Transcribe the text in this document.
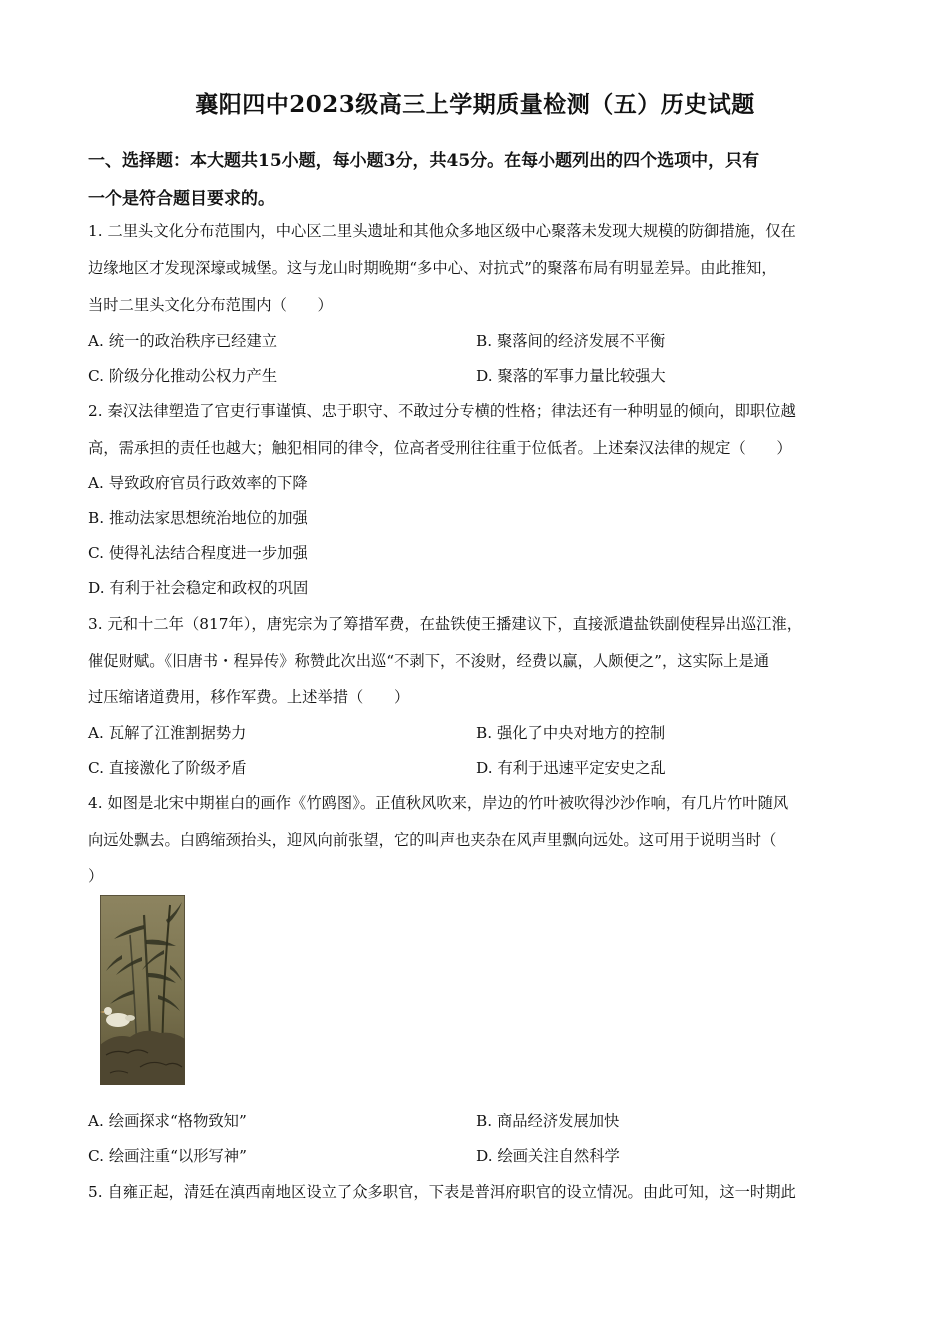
襄阳四中2023级高三上学期质量检测（五）历史试题
一、选择题：本大题共15小题，每小题3分，共45分。在每小题列出的四个选项中，只有
一个是符合题目要求的。
1. 二里头文化分布范围内，中心区二里头遗址和其他众多地区级中心聚落未发现大规模的防御措施，仅在
边缘地区才发现深壕或城堡。这与龙山时期晚期“多中心、对抗式”的聚落布局有明显差异。由此推知，
当时二里头文化分布范围内（　　）
A. 统一的政治秩序已经建立	B. 聚落间的经济发展不平衡
C. 阶级分化推动公权力产生	D. 聚落的军事力量比较强大
2. 秦汉法律塑造了官吏行事谨慎、忠于职守、不敢过分专横的性格；律法还有一种明显的倾向，即职位越
高，需承担的责任也越大；触犯相同的律令，位高者受刑往往重于位低者。上述秦汉法律的规定（　　）
A. 导致政府官员行政效率的下降
B. 推动法家思想统治地位的加强
C. 使得礼法结合程度进一步加强
D. 有利于社会稳定和政权的巩固
3. 元和十二年（817年），唐宪宗为了筹措军费，在盐铁使王播建议下，直接派遣盐铁副使程异出巡江淮，
催促财赋。《旧唐书・程异传》称赞此次出巡“不剥下，不浚财，经费以赢，人颇便之”，这实际上是通
过压缩诸道费用，移作军费。上述举措（　　）
A. 瓦解了江淮割据势力	B. 强化了中央对地方的控制
C. 直接激化了阶级矛盾	D. 有利于迅速平定安史之乱
4. 如图是北宋中期崔白的画作《竹鸥图》。正值秋风吹来，岸边的竹叶被吹得沙沙作响，有几片竹叶随风
向远处飘去。白鸥缩颈抬头，迎风向前张望，它的叫声也夹杂在风声里飘向远处。这可用于说明当时（
）
A. 绘画探求“格物致知”	B. 商品经济发展加快
C. 绘画注重“以形写神”	D. 绘画关注自然科学
5. 自雍正起，清廷在滇西南地区设立了众多职官，下表是普洱府职官的设立情况。由此可知，这一时期此
